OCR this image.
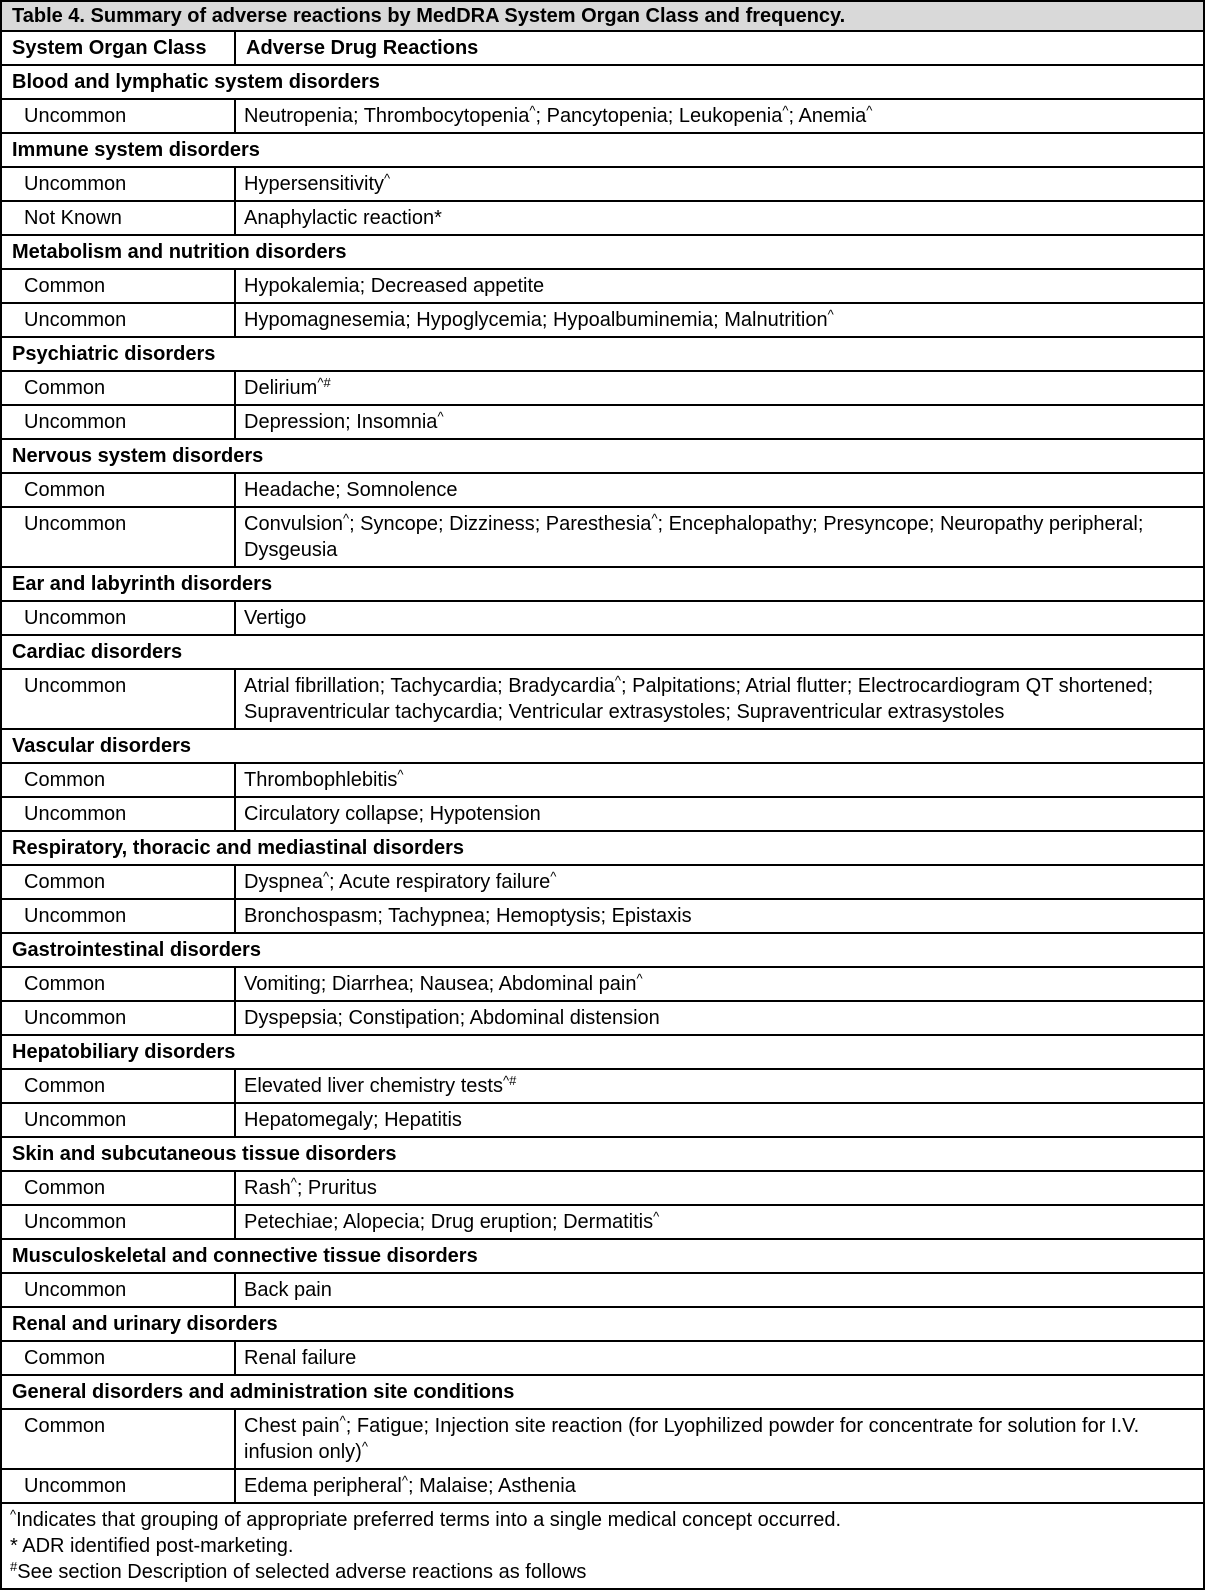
Table 4. Summary of adverse reactions by MedDRA System Organ Class and frequency.	
System Organ Class	Adverse Drug Reactions
Blood and lymphatic system disorders	
Uncommon	Neutropenia; Thrombocytopenia^; Pancytopenia; Leukopenia^; Anemia^
Immune system disorders	
Uncommon	Hypersensitivity^
Not Known	Anaphylactic reaction*
Metabolism and nutrition disorders	
Common	Hypokalemia; Decreased appetite
Uncommon	Hypomagnesemia; Hypoglycemia; Hypoalbuminemia; Malnutrition^
Psychiatric disorders	
Common	Delirium^#
Uncommon	Depression; Insomnia^
Nervous system disorders	
Common	Headache; Somnolence
Uncommon	Convulsion^; Syncope; Dizziness; Paresthesia^; Encephalopathy; Presyncope; Neuropathy peripheral; Dysgeusia
Ear and labyrinth disorders	
Uncommon	Vertigo
Cardiac disorders	
Uncommon	Atrial fibrillation; Tachycardia; Bradycardia^; Palpitations; Atrial flutter; Electrocardiogram QT shortened; Supraventricular tachycardia; Ventricular extrasystoles; Supraventricular extrasystoles
Vascular disorders	
Common	Thrombophlebitis^
Uncommon	Circulatory collapse; Hypotension
Respiratory, thoracic and mediastinal disorders	
Common	Dyspnea^; Acute respiratory failure^
Uncommon	Bronchospasm; Tachypnea; Hemoptysis; Epistaxis
Gastrointestinal disorders	
Common	Vomiting; Diarrhea; Nausea; Abdominal pain^
Uncommon	Dyspepsia; Constipation; Abdominal distension
Hepatobiliary disorders	
Common	Elevated liver chemistry tests^#
Uncommon	Hepatomegaly; Hepatitis
Skin and subcutaneous tissue disorders	
Common	Rash^; Pruritus
Uncommon	Petechiae; Alopecia; Drug eruption; Dermatitis^
Musculoskeletal and connective tissue disorders	
Uncommon	Back pain
Renal and urinary disorders	
Common	Renal failure
General disorders and administration site conditions	
Common	Chest pain^; Fatigue; Injection site reaction (for Lyophilized powder for concentrate for solution for I.V. infusion only)^
Uncommon	Edema peripheral^; Malaise; Asthenia

^Indicates that grouping of appropriate preferred terms into a single medical concept occurred.
* ADR identified post-marketing.
#See section Description of selected adverse reactions as follows	
